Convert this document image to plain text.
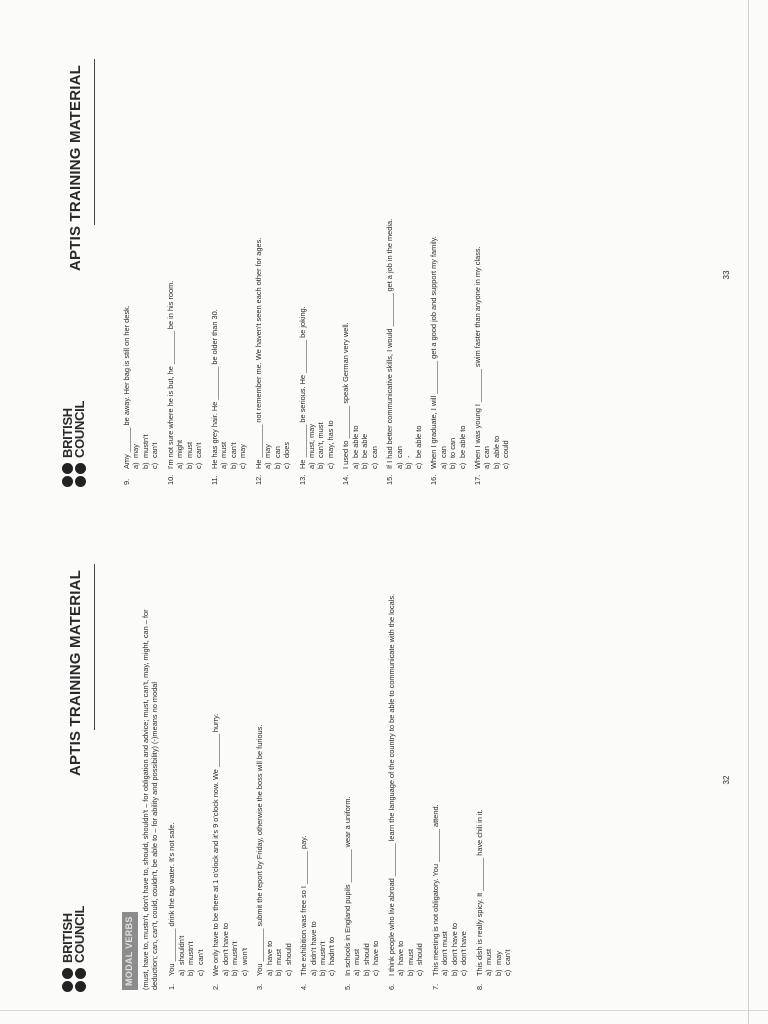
BRITISH
COUNCIL
APTIS TRAINING MATERIAL
MODAL VERBS (must, have to, mustn't, don't have to, should, shouldn't – for obligation and advice; must, can't, may, might, can – for deduction; can, can't, could, couldn't, be able to – for ability and possibility) (-)means no modal 1.
You ________ drink the tap water. It's not safe. a)
shouldn't
b)
mustn't
c)
can't
2.
We only have to be there at 1 o'clock and it's 9 o'clock now. We ________ hurry. a)
don't have to
b)
mustn't
c)
won't
3.
You ________ submit the report by Friday, otherwise the boss will be furious. a)
have to
b)
must
c)
should
4.
The exhibition was free so I ________ pay. a)
didn't have to
b)
mustn't
c)
hadn't to
5.
In schools in England pupils ________ wear a uniform. a)
must
b)
should
c)
have to
6.
I think people who live abroad ________ learn the language of the country to be able to communicate with the locals. a)
have to
b)
must
c)
should
7.
This meeting is not obligatory. You ________ attend. a)
don't must
b)
don't have to
c)
don't have
8.
This dish is really spicy. It ________ have chili in it. a)
must
b)
may
c)
can't
32
BRITISH
COUNCIL
APTIS TRAINING MATERIAL
9.
Amy ______ be away. Her bag is still on her desk. a)
may
b)
mustn't
c)
can't
10.
I'm not sure where he is but, he ________ be in his room. a)
might
b)
must
c)
can't
11.
He has grey hair. He ________ be older than 30. a)
must
b)
can't
c)
may
12.
He ________ not remember me. We haven't seen each other for ages. a)
may
b)
can
c)
does
13.
He ________ be serious. He ________ be joking. a)
must, may
b)
can't, must
c)
may, has to
14.
I used to ________ speak German very well. a)
be able to
b)
be able
c)
can
15.
If I had better communicative skills, I would ________ get a job in the media. a)
can
b)
-
c)
be able to
16.
When I graduate, I will ________ get a good job and support my family. a)
can
b)
to can
c)
be able to
17.
When I was young I ________ swim faster than anyone in my class. a)
can
b)
able to
c)
could
33
